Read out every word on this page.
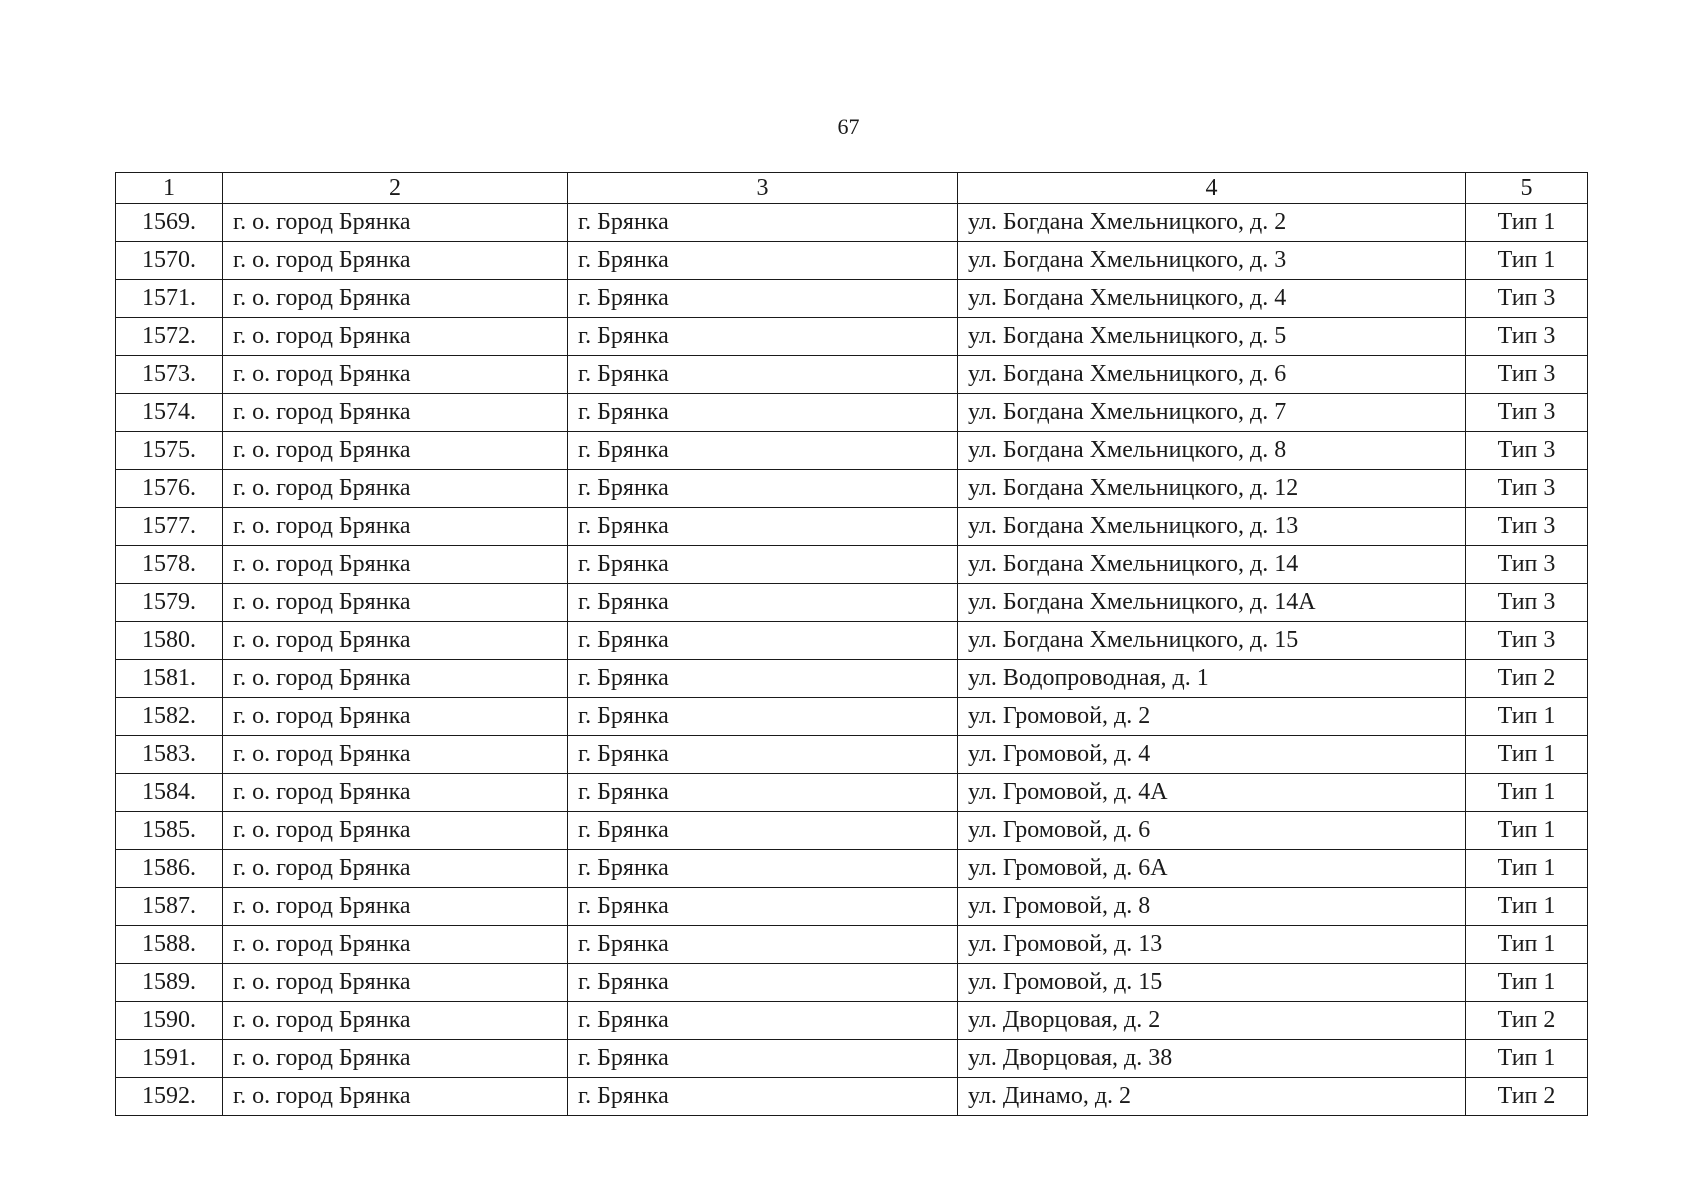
67
1	2	3	4	5
1569.	г. о. город Брянка	г. Брянка	ул. Богдана Хмельницкого, д. 2	Тип 1
1570.	г. о. город Брянка	г. Брянка	ул. Богдана Хмельницкого, д. 3	Тип 1
1571.	г. о. город Брянка	г. Брянка	ул. Богдана Хмельницкого, д. 4	Тип 3
1572.	г. о. город Брянка	г. Брянка	ул. Богдана Хмельницкого, д. 5	Тип 3
1573.	г. о. город Брянка	г. Брянка	ул. Богдана Хмельницкого, д. 6	Тип 3
1574.	г. о. город Брянка	г. Брянка	ул. Богдана Хмельницкого, д. 7	Тип 3
1575.	г. о. город Брянка	г. Брянка	ул. Богдана Хмельницкого, д. 8	Тип 3
1576.	г. о. город Брянка	г. Брянка	ул. Богдана Хмельницкого, д. 12	Тип 3
1577.	г. о. город Брянка	г. Брянка	ул. Богдана Хмельницкого, д. 13	Тип 3
1578.	г. о. город Брянка	г. Брянка	ул. Богдана Хмельницкого, д. 14	Тип 3
1579.	г. о. город Брянка	г. Брянка	ул. Богдана Хмельницкого, д. 14А	Тип 3
1580.	г. о. город Брянка	г. Брянка	ул. Богдана Хмельницкого, д. 15	Тип 3
1581.	г. о. город Брянка	г. Брянка	ул. Водопроводная, д. 1	Тип 2
1582.	г. о. город Брянка	г. Брянка	ул. Громовой, д. 2	Тип 1
1583.	г. о. город Брянка	г. Брянка	ул. Громовой, д. 4	Тип 1
1584.	г. о. город Брянка	г. Брянка	ул. Громовой, д. 4А	Тип 1
1585.	г. о. город Брянка	г. Брянка	ул. Громовой, д. 6	Тип 1
1586.	г. о. город Брянка	г. Брянка	ул. Громовой, д. 6А	Тип 1
1587.	г. о. город Брянка	г. Брянка	ул. Громовой, д. 8	Тип 1
1588.	г. о. город Брянка	г. Брянка	ул. Громовой, д. 13	Тип 1
1589.	г. о. город Брянка	г. Брянка	ул. Громовой, д. 15	Тип 1
1590.	г. о. город Брянка	г. Брянка	ул. Дворцовая, д. 2	Тип 2
1591.	г. о. город Брянка	г. Брянка	ул. Дворцовая, д. 38	Тип 1
1592.	г. о. город Брянка	г. Брянка	ул. Динамо, д. 2	Тип 2
